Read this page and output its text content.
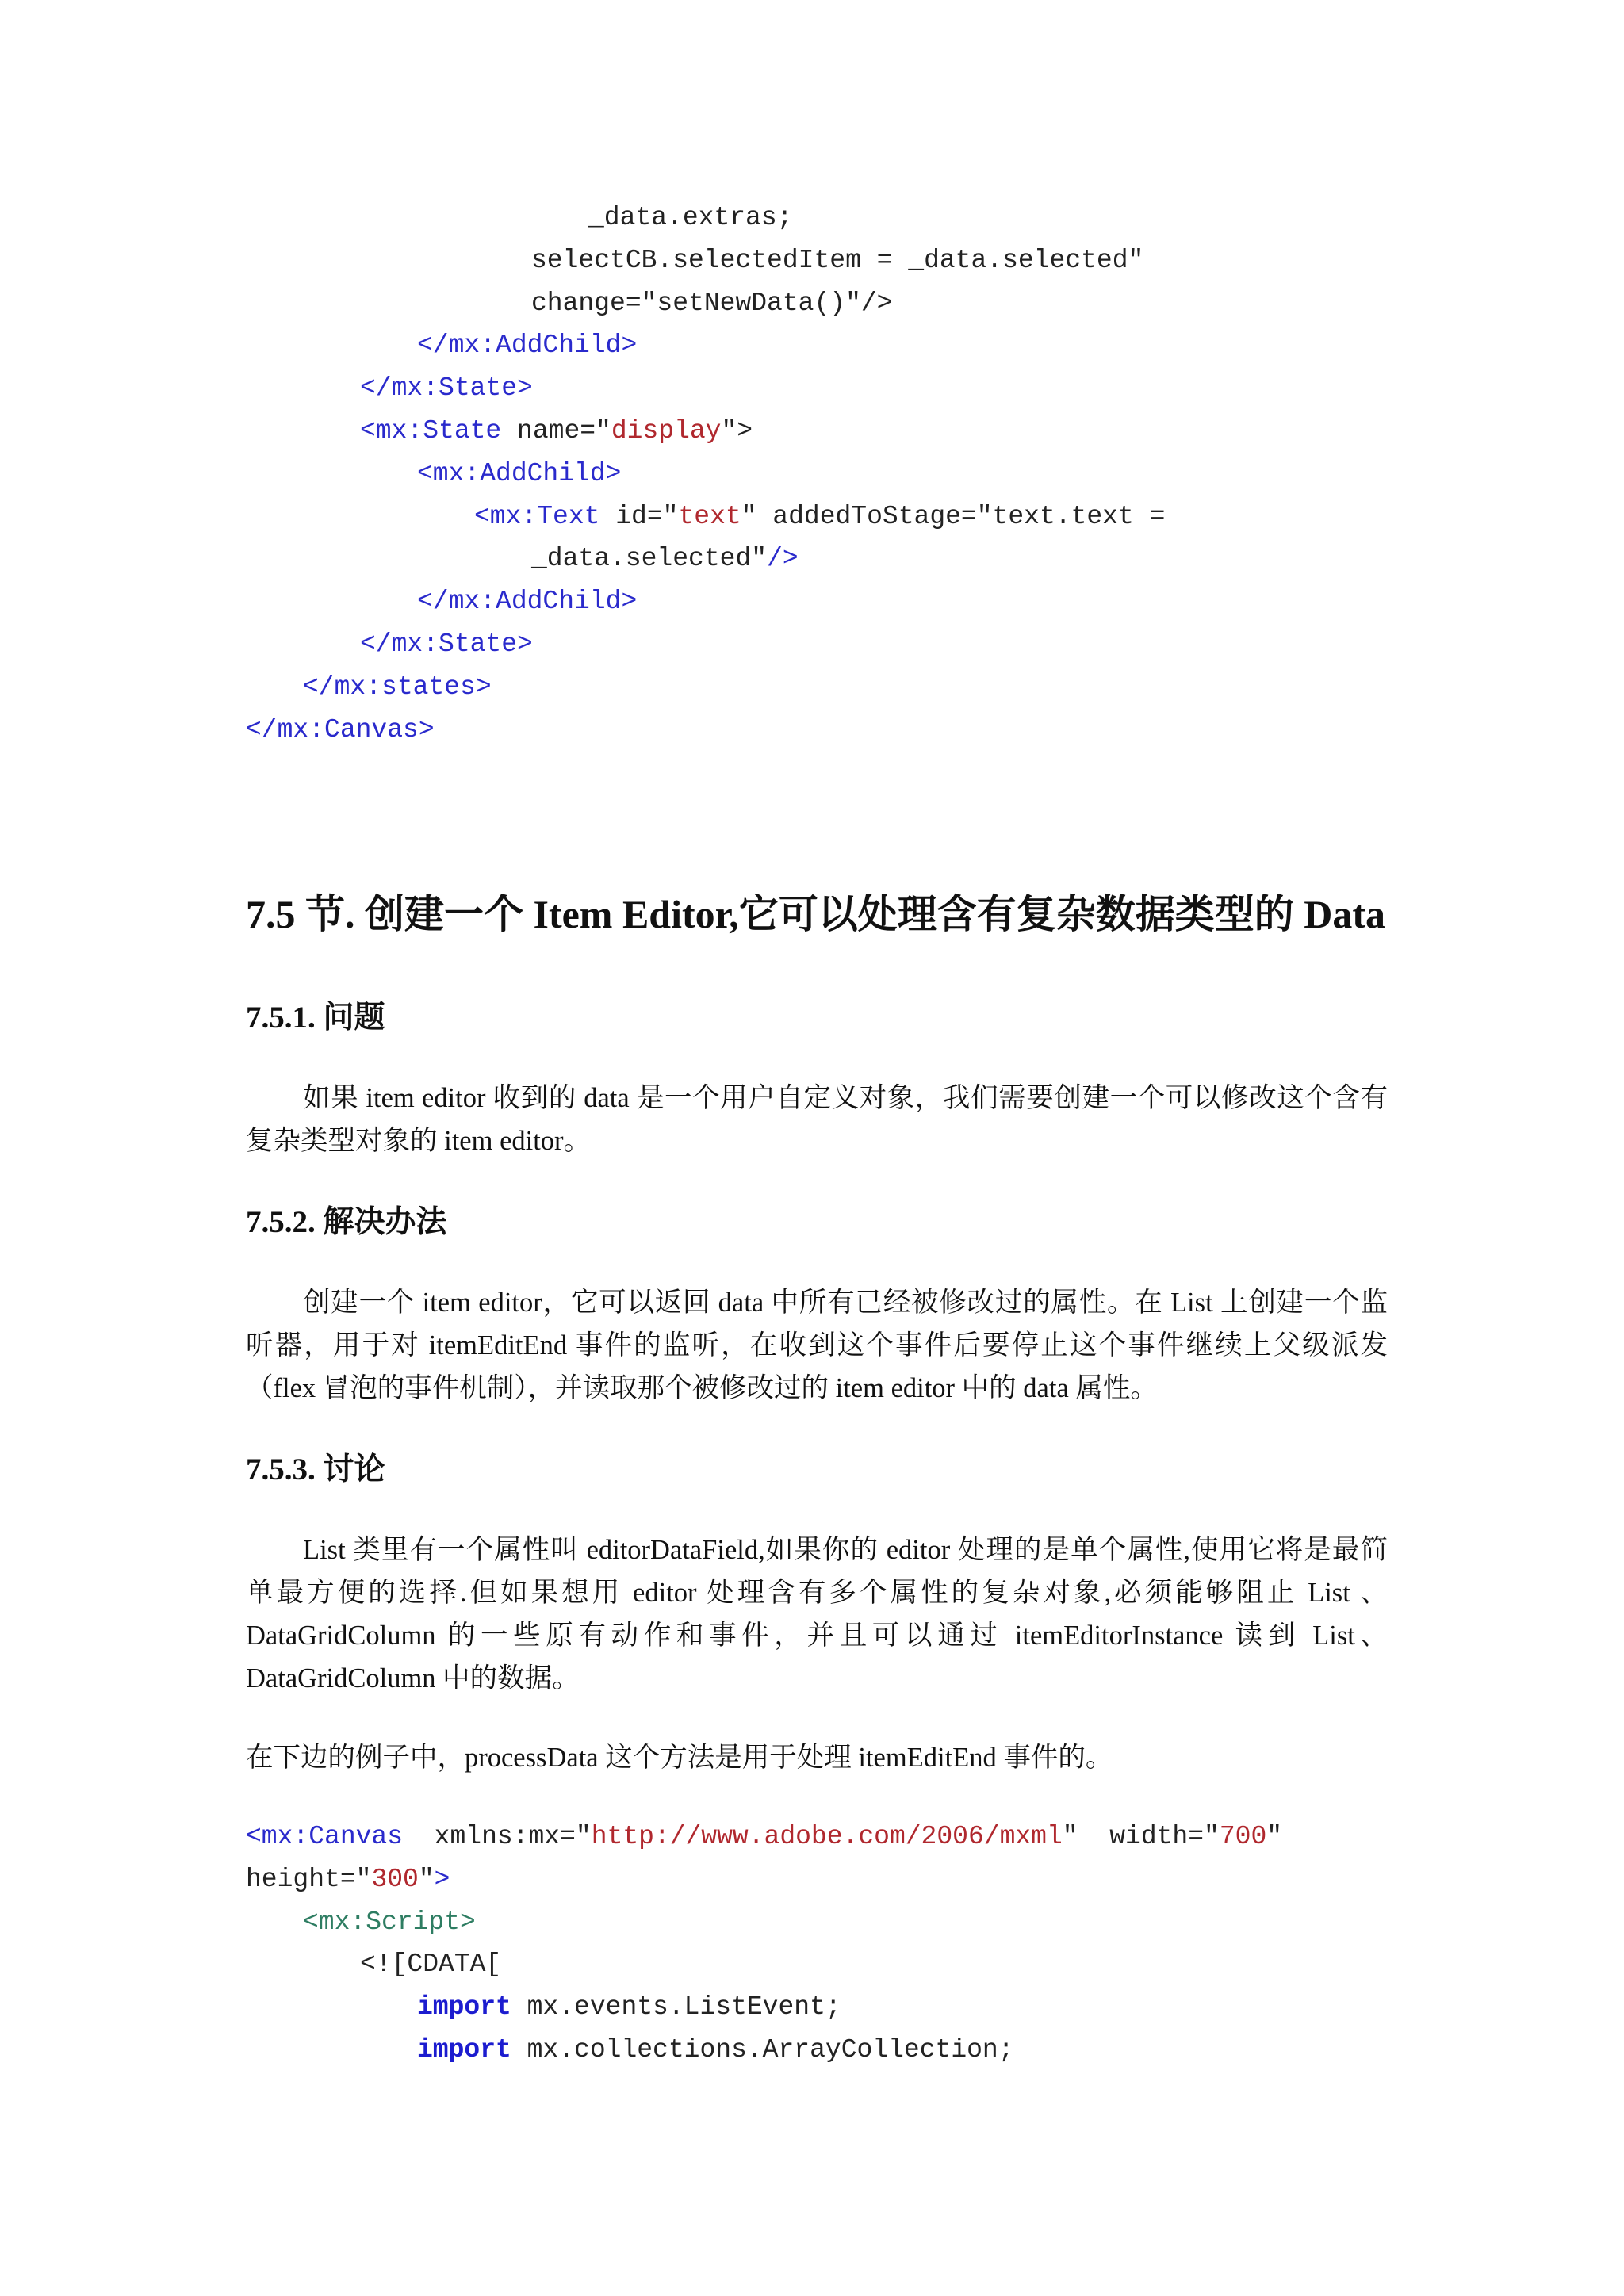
_data.extras;
selectCB.selectedItem = _data.selected"
change="setNewData()"/>
</mx:AddChild>
</mx:State>
<mx:State name="display">
<mx:AddChild>
<mx:Text id="text" addedToStage="text.text =
_data.selected"/>
</mx:AddChild>
</mx:State>
</mx:states>
</mx:Canvas>
7.5 节. 创建一个 Item Editor,它可以处理含有复杂数据类型的 Data
7.5.1. 问题

如果 item editor 收到的 data 是一个用户自定义对象，我们需要创建一个可以修改这个含有复杂类型对象的 item editor。

7.5.2. 解决办法

创建一个 item editor，它可以返回 data 中所有已经被修改过的属性。在 List 上创建一个监听器，用于对 itemEditEnd 事件的监听，在收到这个事件后要停止这个事件继续上父级派发（flex 冒泡的事件机制），并读取那个被修改过的 item editor 中的 data 属性。

7.5.3. 讨论

List 类里有一个属性叫 editorDataField,如果你的 editor 处理的是单个属性,使用它将是最简单最方便的选择.但如果想用 editor 处理含有多个属性的复杂对象,必须能够阻止 List 、DataGridColumn 的一些原有动作和事件，并且可以通过 itemEditorInstance 读到 List、DataGridColumn 中的数据。

在下边的例子中，processData 这个方法是用于处理 itemEditEnd 事件的。

<mx:Canvas  xmlns:mx="http://www.adobe.com/2006/mxml"  width="700"
height="300">
<mx:Script>
<![CDATA[
import mx.events.ListEvent;
import mx.collections.ArrayCollection;
